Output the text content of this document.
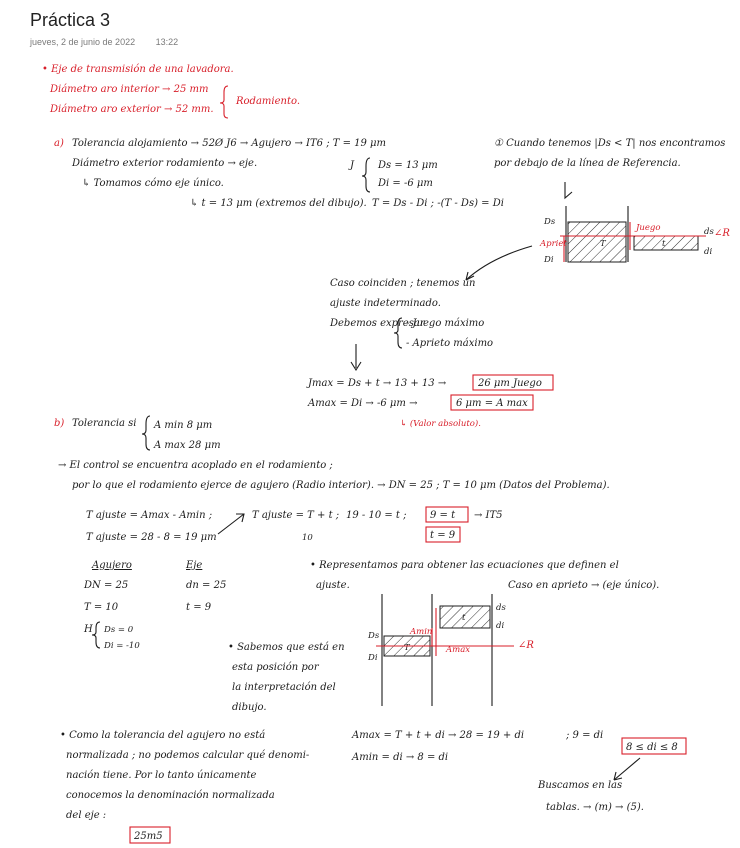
Práctica 3
jueves, 2 de junio de 2022 13:22
• Eje de transmisión de una lavadora.
Diámetro aro interior → 25 mm
Diámetro aro exterior → 52 mm.
Rodamiento.
a) Tolerancia alojamiento → 52Ø J6 → Agujero → IT6 ; T = 19 μm
Diámetro exterior rodamiento → eje.
↳ Tomamos cómo eje único.
↳ t = 13 μm (extremos del dibujo).
J Ds = 13 μm
Di = -6 μm
T = Ds - Di ; -(T - Ds) = Di
① Cuando tenemos |Ds < T| nos encontramos
por debajo de la línea de Referencia.
T	t
Ds
Di
Apriet
Juego	ds
di
∠R
Caso coinciden ; tenemos un
ajuste indeterminado.
Debemos expresar
- Juego máximo
- Aprieto máximo
Jmax = Ds + t → 13 + 13 →	26 μm Juego
Amax = Di → -6 μm →	6 μm = A max
↳ (Valor absoluto).
b) Tolerancia si A min 8 μm
A max 28 μm
→ El control se encuentra acoplado en el rodamiento ;
por lo que el rodamiento ejerce de agujero (Radio interior). → DN = 25 ; T = 10 μm (Datos del Problema).
T ajuste = Amax - Amin ;
T ajuste = 28 - 8 = 19 μm
T ajuste = T + t ;
10
19 - 10 = t ; 9 = t → IT5
t = 9
Agujero	Eje
DN = 25	dn = 25
T = 10	t = 9
H Ds = 0
Di = -10
• Representamos para obtener las ecuaciones que definen el
ajuste.	Caso en aprieto → (eje único).
• Sabemos que está en
esta posición por
la interpretación del
dibujo.
T
t
Ds
Di
ds
di
∠R
Amin
Amax
• Como la tolerancia del agujero no está
normalizada ; no podemos calcular qué denomi-
nación tiene. Por lo tanto únicamente
conocemos la denominación normalizada
del eje :
25m5
Amax = T + t + di → 28 = 19 + di	; 9 = di
Amin = di → 8 = di
8 ≤ di ≤ 8
Buscamos en las
tablas. → (m) → (5).
